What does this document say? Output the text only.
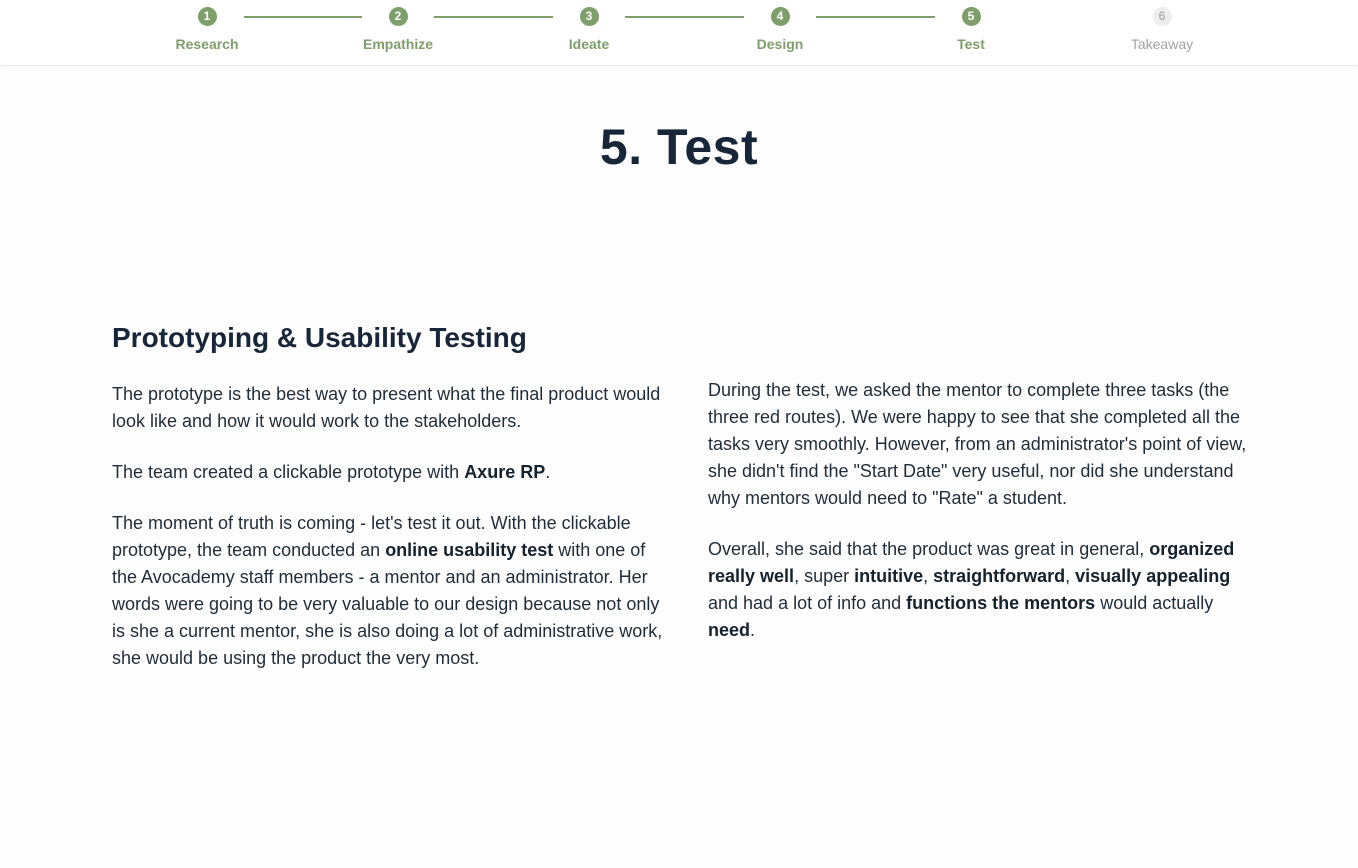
1
Research
2
Empathize
3
Ideate
4
Design
5
Test
6
Takeaway
5. Test
Prototyping & Usability Testing

The prototype is the best way to present what the final product would look like and how it would work to the stakeholders.

The team created a clickable prototype with Axure RP.

The moment of truth is coming - let's test it out. With the clickable prototype, the team conducted an online usability test with one of the Avocademy staff members - a mentor and an administrator. Her words were going to be very valuable to our design because not only is she a current mentor, she is also doing a lot of administrative work, she would be using the product the very most.

During the test, we asked the mentor to complete three tasks (the three red routes). We were happy to see that she completed all the tasks very smoothly. However, from an administrator's point of view, she didn't find the "Start Date" very useful, nor did she understand why mentors would need to "Rate" a student.

Overall, she said that the product was great in general, organized really well, super intuitive, straightforward, visually appealing and had a lot of info and functions the mentors would actually need.
